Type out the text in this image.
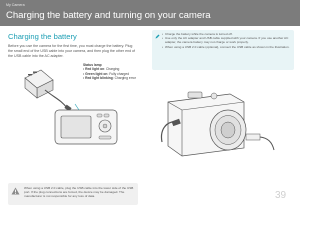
My Camera
Charging the battery and turning on your camera
Charging the battery

Before you use the camera for the first time, you must charge the battery. Plug the small end of the USB cable into your camera, and then plug the other end of the USB cable into the AC adapter.

Status lamp

• Red light on: Charging
• Green light on: Fully charged
• Red light blinking: Charging error
• Charge the battery while the camera is turned off.
• Use only the AC adapter and USB cable supplied with your camera. If you use another AC adapter, the camera battery may not charge or work properly.
• When using a USB 2.0 cable (optional), connect the USB cable as shown in the illustration.

When using a USB 2.0 cable, plug the USB cable into the lower side of the USB port. If the plug connections are forced, the device may be damaged. The manufacturer is not responsible for any loss of data.	39
